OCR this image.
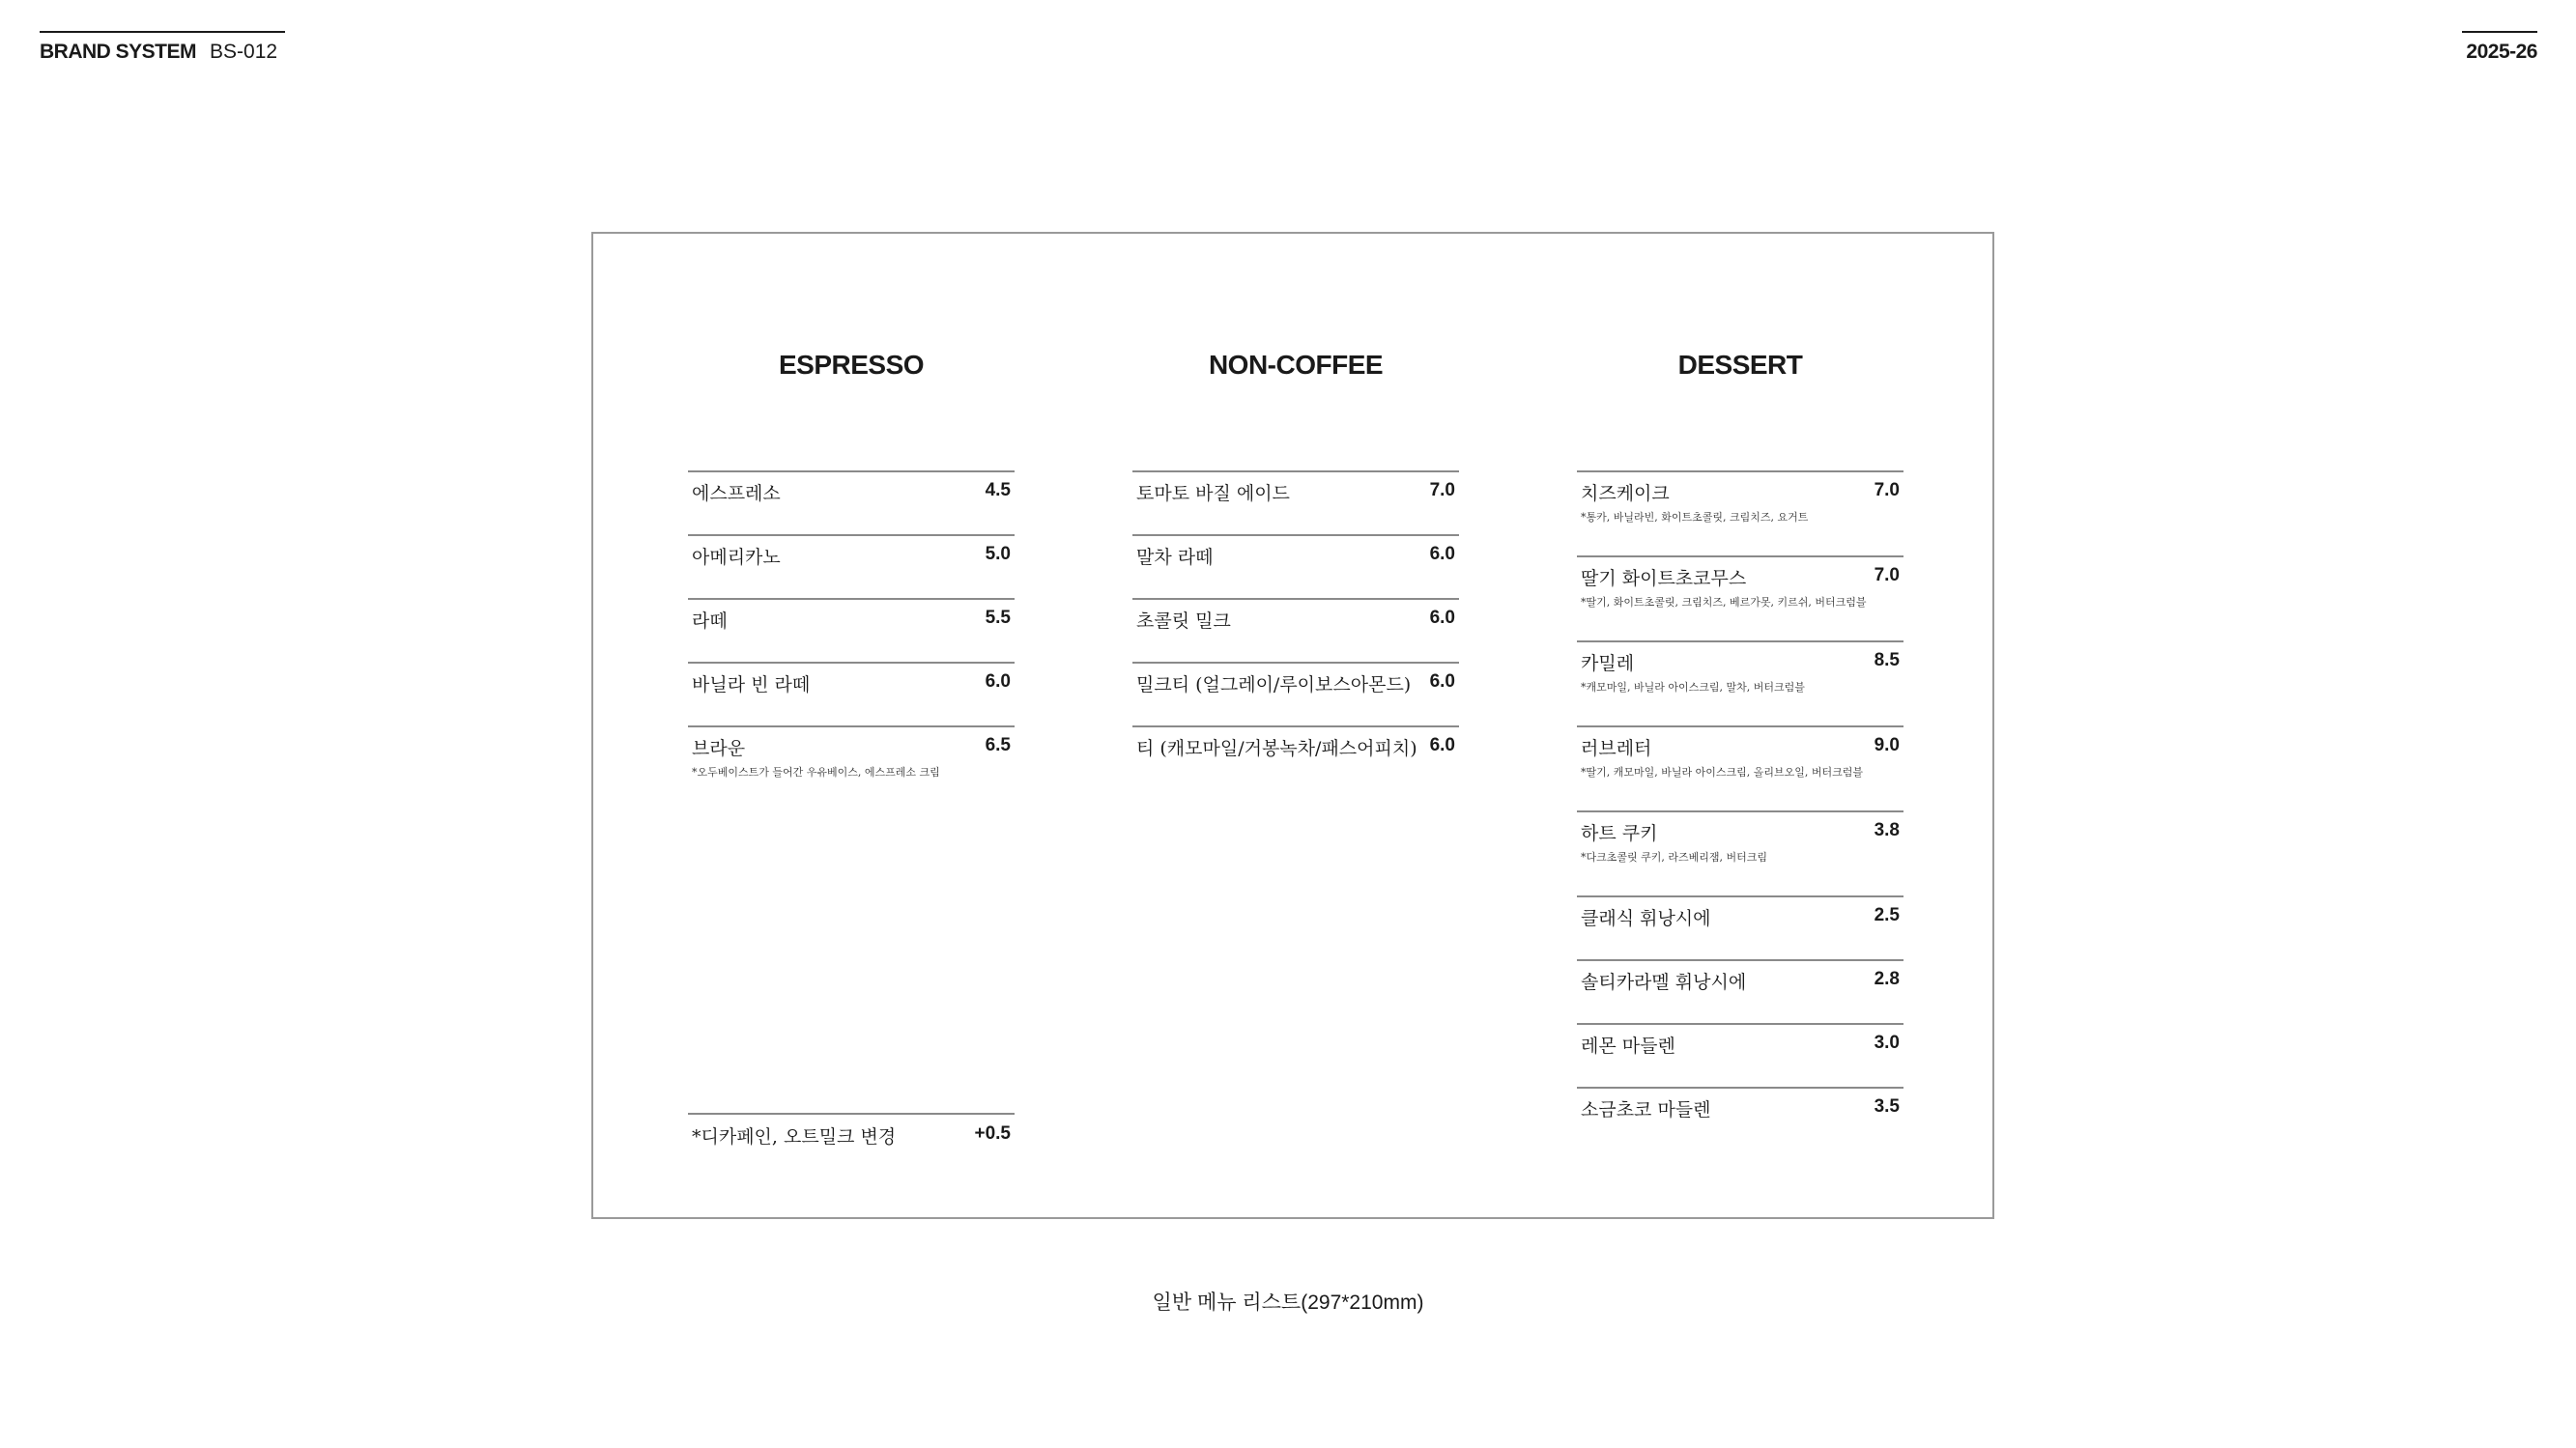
BRAND SYSTEM BS-012	2025-26
ESPRESSO
에스프레소	4.5
아메리카노	5.0
라떼	5.5
바닐라 빈 라떼	6.0
브라운	6.5
*오두베이스트가 들어간 우유베이스, 에스프레소 크림
*디카페인, 오트밀크 변경	+0.5
NON-COFFEE
토마토 바질 에이드	7.0
말차 라떼	6.0
초콜릿 밀크	6.0
밀크티 (얼그레이/루이보스아몬드) 6.0
티 (캐모마일/거봉녹차/패스어피치) 6.0
DESSERT
치즈케이크	7.0
*통카, 바닐라빈, 화이트초콜릿, 크림치즈, 요거트
딸기 화이트초코무스	7.0
*딸기, 화이트초콜릿, 크림치즈, 베르가못, 키르쉬, 버터크럼블
카밀레	8.5
*캐모마일, 바닐라 아이스크림, 말차, 버터크럼블
러브레터	9.0
*딸기, 캐모마일, 바닐라 아이스크림, 올리브오일, 버터크럼블
하트 쿠키	3.8
*다크초콜릿 쿠키, 라즈베리잼, 버터크림
클래식 휘낭시에	2.5
솔티카라멜 휘낭시에	2.8
레몬 마들렌	3.0
소금초코 마들렌	3.5
일반 메뉴 리스트(297*210mm)
